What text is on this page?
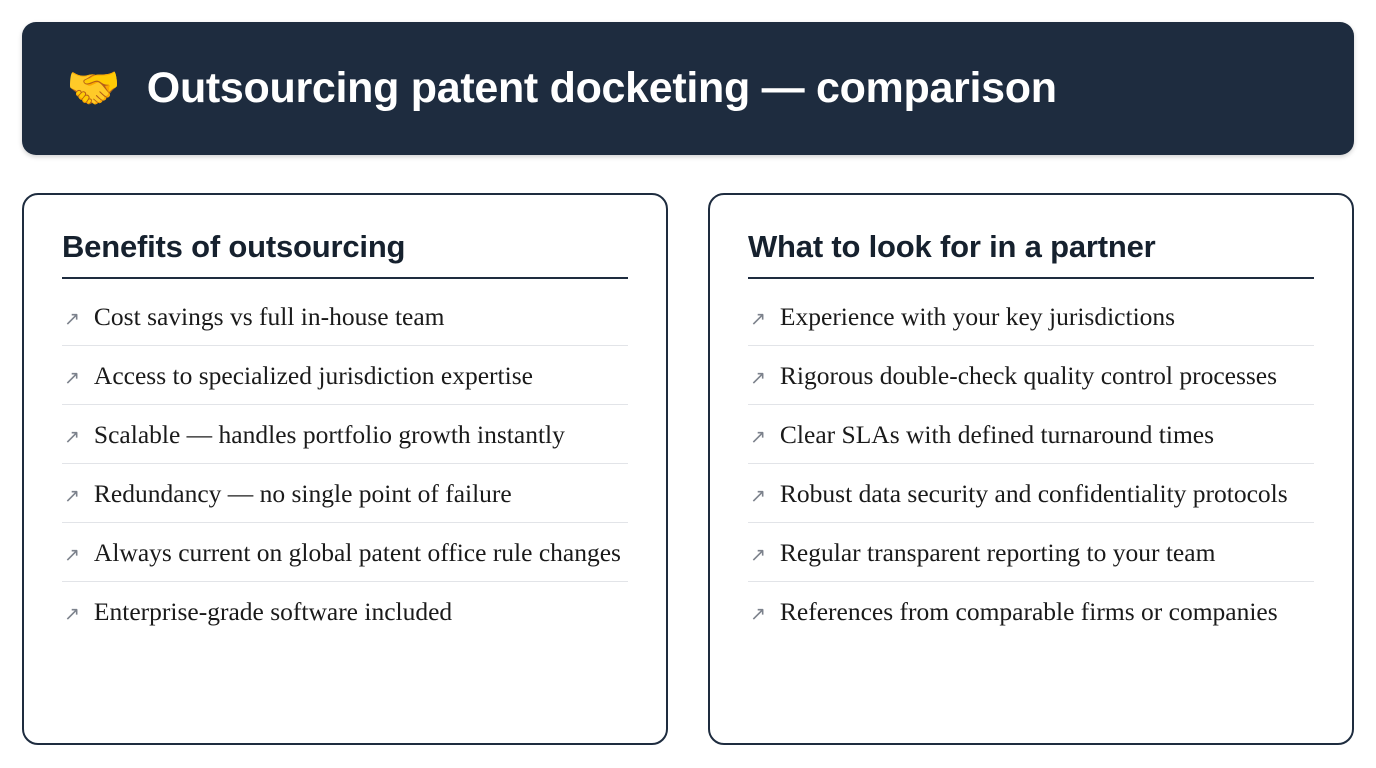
🤝 Outsourcing patent docketing — comparison
Benefits of outsourcing
↗ Cost savings vs full in-house team
↗ Access to specialized jurisdiction expertise
↗ Scalable — handles portfolio growth instantly
↗ Redundancy — no single point of failure
↗ Always current on global patent office rule changes
↗ Enterprise-grade software included
What to look for in a partner
↗ Experience with your key jurisdictions
↗ Rigorous double-check quality control processes
↗ Clear SLAs with defined turnaround times
↗ Robust data security and confidentiality protocols
↗ Regular transparent reporting to your team
↗ References from comparable firms or companies
